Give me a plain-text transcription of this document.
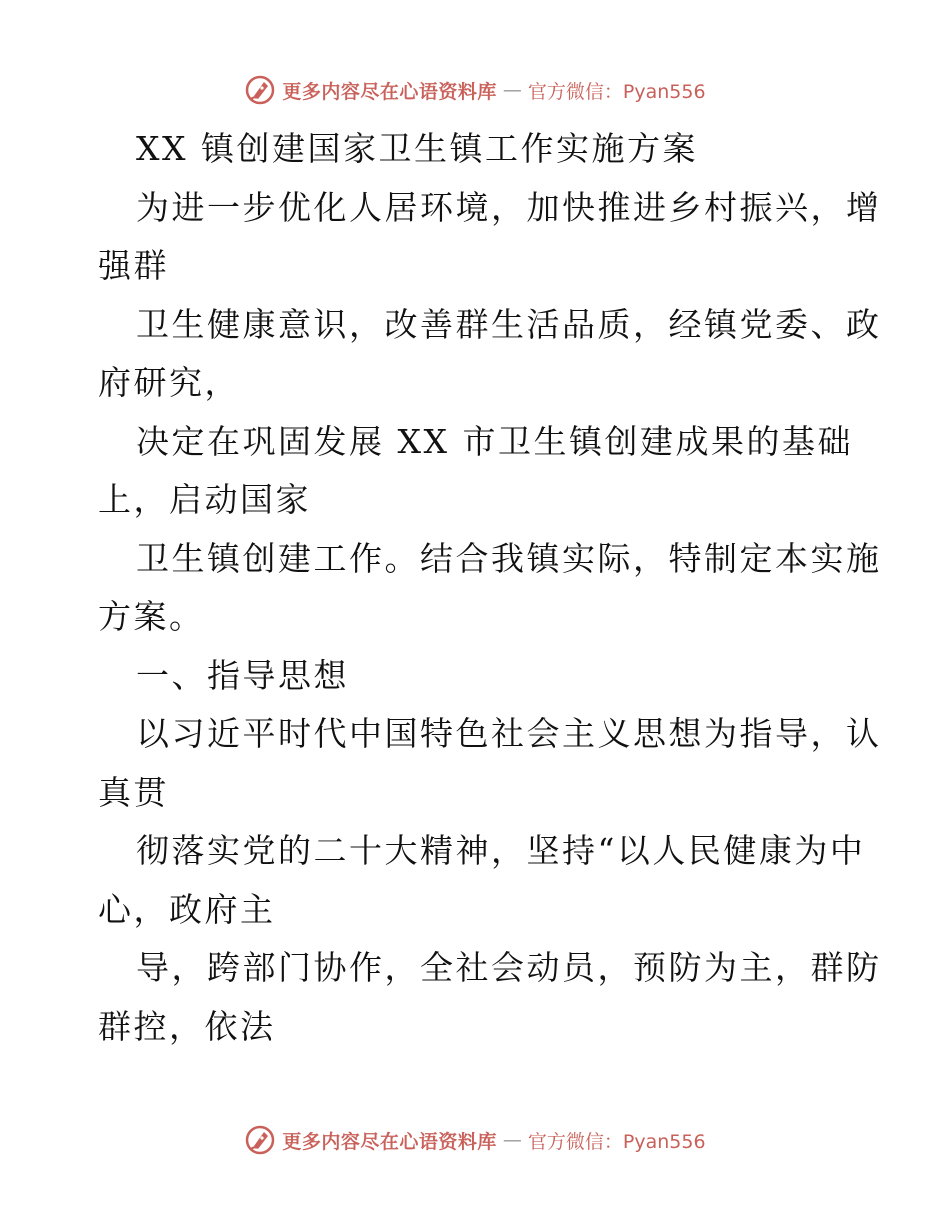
更多内容尽在心语资料库 — 官方微信：Pyan556
XX 镇创建国家卫生镇工作实施方案
为进一步优化人居环境，加快推进乡村振兴，增
强群
卫生健康意识，改善群生活品质，经镇党委、政
府研究，
决定在巩固发展 XX 市卫生镇创建成果的基础
上，启动国家
卫生镇创建工作。结合我镇实际，特制定本实施
方案。
一、指导思想
以习近平时代中国特色社会主义思想为指导，认
真贯
彻落实党的二十大精神，坚持“以人民健康为中
心，政府主
导，跨部门协作，全社会动员，预防为主，群防
群控，依法
更多内容尽在心语资料库 — 官方微信：Pyan556
